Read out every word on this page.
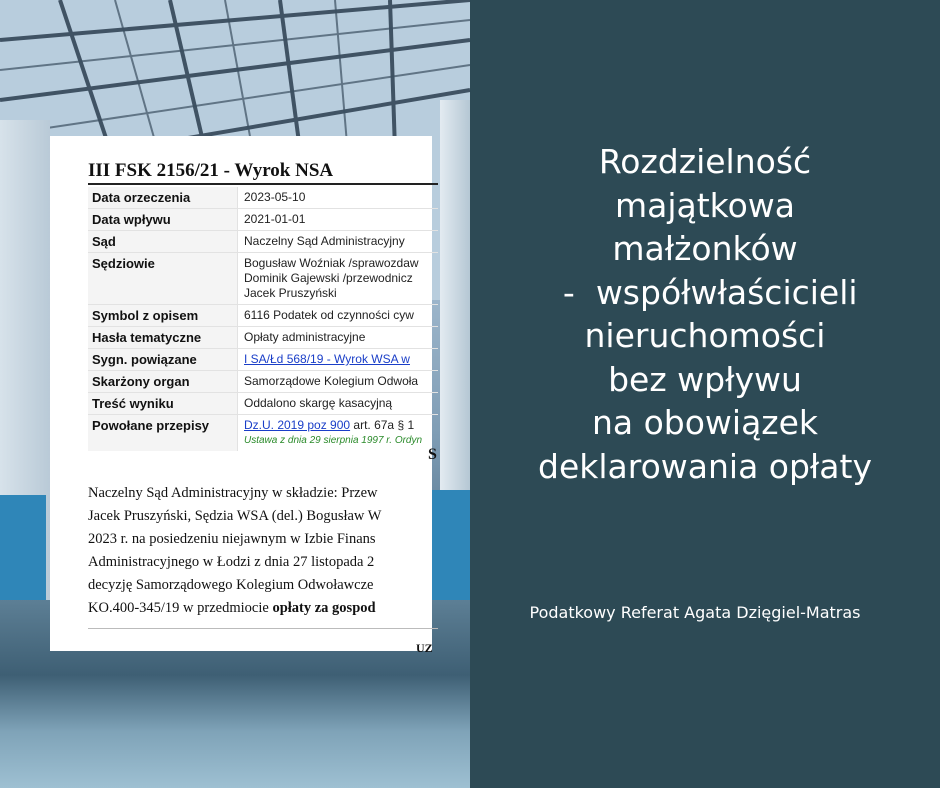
III FSK 2156/21 - Wyrok NSA
Data orzeczenia	2023-05-10
Data wpływu	2021-01-01
Sąd	Naczelny Sąd Administracyjny
Sędziowie	Bogusław Woźniak /sprawozdaw
Dominik Gajewski /przewodnicz
Jacek Pruszyński
Symbol z opisem	6116 Podatek od czynności cyw
Hasła tematyczne	Opłaty administracyjne
Sygn. powiązane	I SA/Łd 568/19 - Wyrok WSA w
Skarżony organ	Samorządowe Kolegium Odwoła
Treść wyniku	Oddalono skargę kasacyjną
Powołane przepisy	Dz.U. 2019 poz 900 art. 67a § 1
Ustawa z dnia 29 sierpnia 1997 r. Ordyn
S
Naczelny Sąd Administracyjny w składzie: Przew
Jacek Pruszyński, Sędzia WSA (del.) Bogusław W
2023 r. na posiedzeniu niejawnym w Izbie Finans
Administracyjnego w Łodzi z dnia 27 listopada 2
decyzję Samorządowego Kolegium Odwoławcze
KO.400-345/19 w przedmiocie opłaty za gospod
UZ
Rozdzielność
majątkowa
małżonków
-  współwłaścicieli
nieruchomości
bez wpływu
na obowiązek
deklarowania opłaty
Podatkowy Referat Agata Dzięgiel-Matras
